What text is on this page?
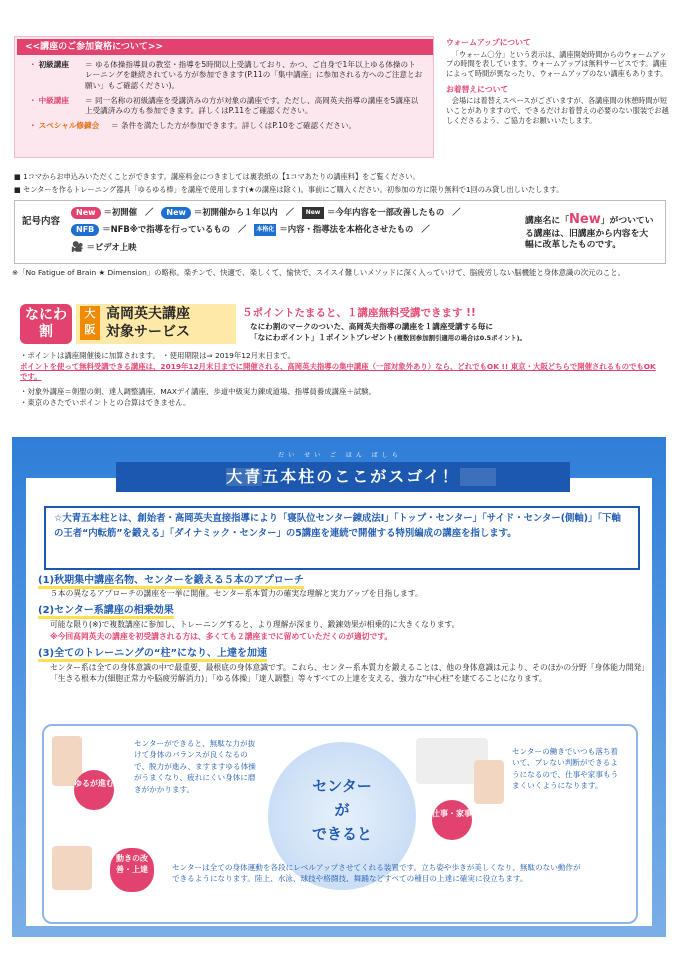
<<講座のご参加資格について>>
・ 初級講座	＝ ゆる体操指導員の教室・指導を5時間以上受講しており、かつ、ご自身で1年以上ゆる体操のトレーニングを継続されている方が参加できます(P.11の「集中講座」に参加される方へのご注意とお願い」もご確認ください)。
・ 中級講座	＝ 同一名称の初級講座を受講済みの方が対象の講座です。ただし、高岡英夫指導の講座を5講座以上受講済みの方も参加できます。詳しくはP.11をご確認ください。
・ スペシャル修錬会	＝ 条件を満たした方が参加できます。詳しくはP.10をご確認ください。
ウォームアップについて

「ウォーム〇分」という表示は、講座開始時間からのウォームアップの時間を表しています。ウォームアップは無料サービスです。講座によって時間が異なったり、ウォームアップのない講座もあります。

お着替えについて

会場には着替えスペースがございますが、各講座間の休憩時間が短いことがありますので、できるだけお着替えの必要のない服装でお越しくださるよう、ご協力をお願いいたします。

■ 1コマからお申込みいただくことができます。講座料金につきましては裏表紙の【1コマあたりの講座料】をご覧ください。
■ センターを作るトレーニング器具「ゆるゆる棒」を講座で使用します(★の講座は除く)。事前にご購入ください。初参加の方に限り無料で1回のみ貸し出しいたします。
記号内容
New ＝初開催 ／	New ＝初開催から１年以内 ／	New ＝今年内容を一部改善したもの ／
NFB ＝NFB※で指導を行っているもの ／	本格化 ＝内容・指導法を本格化させたもの ／
🎥 ＝ビデオ上映
講座名に「New」がついている講座は、旧講座から内容を大幅に改革したものです。
※「No Fatigue of Brain ★ Dimension」の略称。楽チンで、快適で、楽しくて、愉快で、スイスイ難しいメソッドに深く入っていけて、脳疲労しない脳機能と身体意識の次元のこと。
なにわ割
大阪
高岡英夫講座
対象サービス
５ポイントたまると、１講座無料受講できます !!
なにわ割のマークのついた、高岡英夫指導の講座を１講座受講する毎に
「なにわポイント」１ポイントプレゼント(複数回参加割引適用の場合は0.5ポイント)。
・ポイントは講座開催後に加算されます。 ・使用期限は⇒ 2019年12月末日まで。
ポイントを使って無料受講できる講座は、2019年12月末日までに開催される、高岡英夫指導の集中講座（一部対象外あり）なら、どれでもOK !! 東京・大阪どちらで開催されるものでもOKです。
・対象外講座＝剣聖の剣、達人調整講座、MAXデイ講座、歩道中級実力錬成道場、指導員養成講座＋試験。
・東京のさたでいポイントとの合算はできません。
だい せい ご ほん ばしら
大青五本柱のここがスゴイ！
☆大青五本柱とは、創始者・高岡英夫直接指導により「寝队位センター錬成法Ⅰ」「トップ・センター」「サイド・センター(側軸)」「下軸の王者“内転筋”を鍛える」「ダイナミック・センター」の5講座を連続で開催する特別編成の講座を指します。
(1)秋期集中講座名物、センターを鍛える５本のアプローチ
５本の異なるアプローチの講座を一挙に開催。センター系本質力の確実な理解と実力アップを目指します。
(2)センター系講座の相乗効果
可能な限り(※)で複数講座に参加し、トレーニングすると、より理解が深まり、鍛錬効果が相乗的に大きくなります。
※今回高岡英夫の講座を初受講される方は、多くても２講座までに留めていただくのが適切です。
(3)全てのトレーニングの“柱”になり、上達を加速
センター系は全ての身体意識の中で最重要、最根底の身体意識です。これら、センター系本質力を鍛えることは、他の身体意識は元より、そのほかの分野「身体能力開発」「生きる根本力(細胞正常力や脳疲労解消力)」「ゆる体操」「達人調整」等々すべての上達を支える、強力な“中心柱”を建てることになります。
センター
が
できると
ゆるが進む
センターができると、無駄な力が抜けて身体のバランスが良くなるので、脱力が進み、ますますゆる体操がうまくなり、疲れにくい身体に磨きがかかります。
仕事・家事
センターの働きでいつも落ち着いて、ブレない判断ができるようになるので、仕事や家事もうまくいくようになります。
動きの改善・上達	センターは全ての身体運動を各段にレベルアップさせてくれる装置です。立ち姿や歩きが美しくなり、無駄のない動作ができるようになります。陸上、水泳、球技や格闘技、舞踊などすべての種目の上達に確実に役立ちます。
